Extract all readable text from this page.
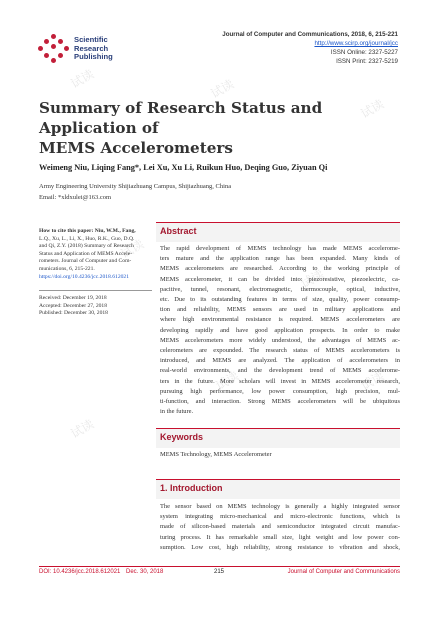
试读
试读
试读
试读
试读
试读	试读
试读
Scientific
Research
Publishing
Journal of Computer and Communications, 2018, 6, 215-221
http://www.scirp.org/journal/jcc
ISSN Online: 2327-5227
ISSN Print: 2327-5219
Summary of Research Status and Application of
MEMS Accelerometers
Weimeng Niu, Liqing Fang*, Lei Xu, Xu Li, Ruikun Huo, Deqing Guo, Ziyuan Qi
Army Engineering University Shijiazhuang Campus, Shijiazhuang, China
Email: *xldxulei@163.com
How to cite this paper: Niu, W.M., Fang,
L.Q., Xu, L., Li, X., Huo, R.K., Guo, D.Q.
and Qi, Z.Y. (2018) Summary of Research
Status and Application of MEMS Accele-
rometers. Journal of Computer and Com-
munications, 6, 215-221.
https://doi.org/10.4236/jcc.2018.612021
Received: December 19, 2018
Accepted: December 27, 2018
Published: December 30, 2018
Abstract
The rapid development of MEMS technology has made MEMS accelerome-
ters mature and the application range has been expanded. Many kinds of
MEMS accelerometers are researched. According to the working principle of
MEMS accelerometer, it can be divided into: piezoresistive, piezoelectric, ca-
pacitive, tunnel, resonant, electromagnetic, thermocouple, optical, inductive,
etc. Due to its outstanding features in terms of size, quality, power consump-
tion and reliability, MEMS sensors are used in military applications and
where high environmental resistance is required. MEMS accelerometers are
developing rapidly and have good application prospects. In order to make
MEMS accelerometers more widely understood, the advantages of MEMS ac-
celerometers are expounded. The research status of MEMS accelerometers is
introduced, and MEMS are analyzed. The application of accelerometers in
real-world environments, and the development trend of MEMS accelerome-
ters in the future. More scholars will invest in MEMS accelerometer research,
pursuing high performance, low power consumption, high precision, mul-
ti-function, and interaction. Strong MEMS accelerometers will be ubiquitous
in the future.
Keywords
MEMS Technology, MEMS Accelerometer
1. Introduction
The sensor based on MEMS technology is generally a highly integrated sensor
system integrating micro-mechanical and micro-electronic functions, which is
made of silicon-based materials and semiconductor integrated circuit manufac-
turing process. It has remarkable small size, light weight and low power con-
sumption. Low cost, high reliability, strong resistance to vibration and shock,
DOI: 10.4236/jcc.2018.612021 Dec. 30, 2018	215	Journal of Computer and Communications
